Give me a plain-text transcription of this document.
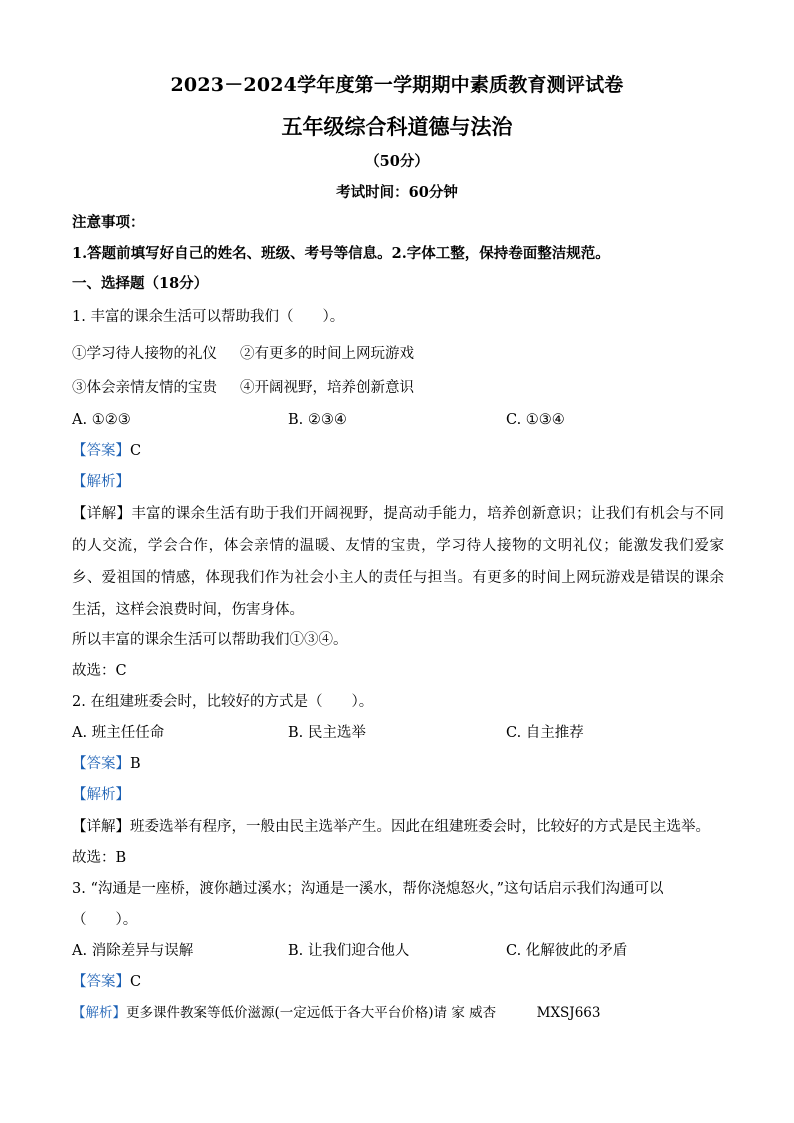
2023－2024学年度第一学期期中素质教育测评试卷
五年级综合科道德与法治
（50分）
考试时间：60分钟
注意事项：
1.答题前填写好自己的姓名、班级、考号等信息。2.字体工整，保持卷面整洁规范。
一、选择题（18分）
1. 丰富的课余生活可以帮助我们（　　）。
①学习待人接物的礼仪 ②有更多的时间上网玩游戏
③体会亲情友情的宝贵 ④开阔视野，培养创新意识
A. ①②③	B. ②③④	C. ①③④
【答案】C
【解析】
【详解】丰富的课余生活有助于我们开阔视野，提高动手能力，培养创新意识；让我们有机会与不同的人交流，学会合作，体会亲情的温暖、友情的宝贵，学习待人接物的文明礼仪；能激发我们爱家乡、爱祖国的情感，体现我们作为社会小主人的责任与担当。有更多的时间上网玩游戏是错误的课余生活，这样会浪费时间，伤害身体。
所以丰富的课余生活可以帮助我们①③④。
故选：C
2. 在组建班委会时，比较好的方式是（　　）。
A. 班主任任命	B. 民主选举	C. 自主推荐
【答案】B
【解析】
【详解】班委选举有程序，一般由民主选举产生。因此在组建班委会时，比较好的方式是民主选举。
故选：B
3. “沟通是一座桥，渡你趟过溪水；沟通是一溪水，帮你浇熄怒火，”这句话启示我们沟通可以
（　　）。
A. 消除差异与误解	B. 让我们迎合他人	C. 化解彼此的矛盾
【答案】C
【解析】更多课件教案等低价滋源(一定远低于各大平台价格)请 家 威杏　　　MXSJ663
